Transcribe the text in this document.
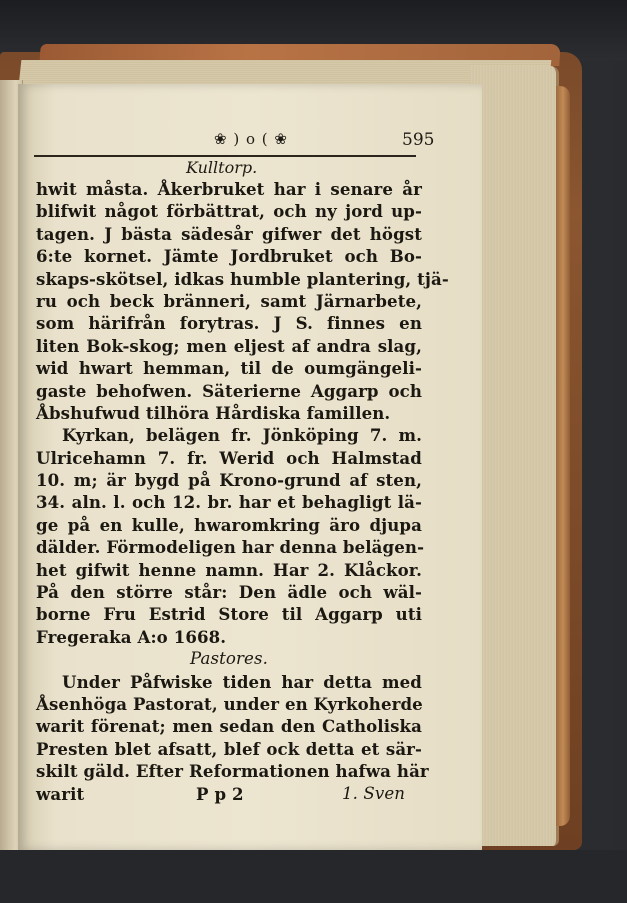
❀ ) o ( ❀	595
Kulltorp.
hwit måsta. Åkerbruket har i senare år
blifwit något förbättrat, och ny jord up-
tagen. J bästa sädesår gifwer det högst
6:te kornet. Jämte Jordbruket och Bo-
skaps-skötsel, idkas humble plantering, tjä-
ru och beck bränneri, samt Järnarbete,
som härifrån forytras. J S. finnes en
liten Bok-skog; men eljest af andra slag,
wid hwart hemman, til de oumgängeli-
gaste behofwen. Säterierne Aggarp och
Åbshufwud tilhöra Hårdiska famillen.
Kyrkan, belägen fr. Jönköping 7. m.
Ulricehamn 7. fr. Werid och Halmstad
10. m; är bygd på Krono-grund af sten,
34. aln. l. och 12. br. har et behagligt lä-
ge på en kulle, hwaromkring äro djupa
dälder. Förmodeligen har denna belägen-
het gifwit henne namn. Har 2. Klåckor.
På den större står: Den ädle och wäl-
borne Fru Estrid Store til Aggarp uti
Fregeraka A:o 1668.
Pastores.
Under Påfwiske tiden har detta med
Åsenhöga Pastorat, under en Kyrkoherde
warit förenat; men sedan den Catholiska
Presten blet afsatt, blef ock detta et sär-
skilt gäld. Efter Reformationen hafwa här
warit	P p 2	1. Sven
